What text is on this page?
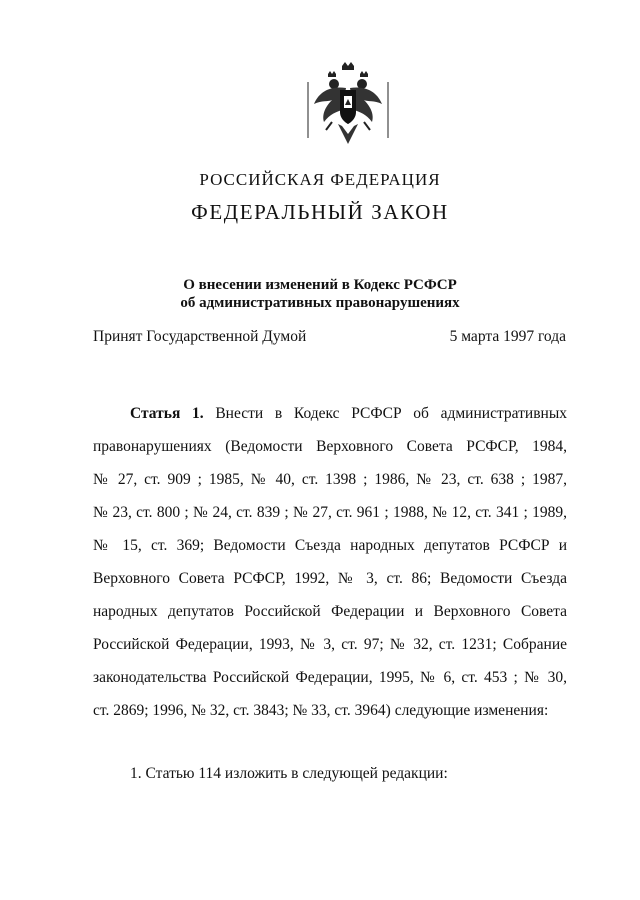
РОССИЙСКАЯ ФЕДЕРАЦИЯ
ФЕДЕРАЛЬНЫЙ ЗАКОН
О внесении изменений в Кодекс РСФСР
об административных правонарушениях
Принят Государственной Думой	5 марта 1997 года
Статья 1. Внести в Кодекс РСФСР об административных
правонарушениях (Ведомости Верховного Совета РСФСР, 1984,
№ 27, ст. 909 ; 1985, № 40, ст. 1398 ; 1986, № 23, ст. 638 ; 1987,
№ 23, ст. 800 ; № 24, ст. 839 ; № 27, ст. 961 ; 1988, № 12, ст. 341 ; 1989,
№ 15, ст. 369; Ведомости Съезда народных депутатов РСФСР и
Верховного Совета РСФСР, 1992, № 3, ст. 86; Ведомости Съезда
народных депутатов Российской Федерации и Верховного Совета
Российской Федерации, 1993, № 3, ст. 97; № 32, ст. 1231; Собрание
законодательства Российской Федерации, 1995, № 6, ст. 453 ; № 30,
ст. 2869; 1996, № 32, ст. 3843; № 33, ст. 3964) следующие изменения:
1. Статью 114 изложить в следующей редакции:
